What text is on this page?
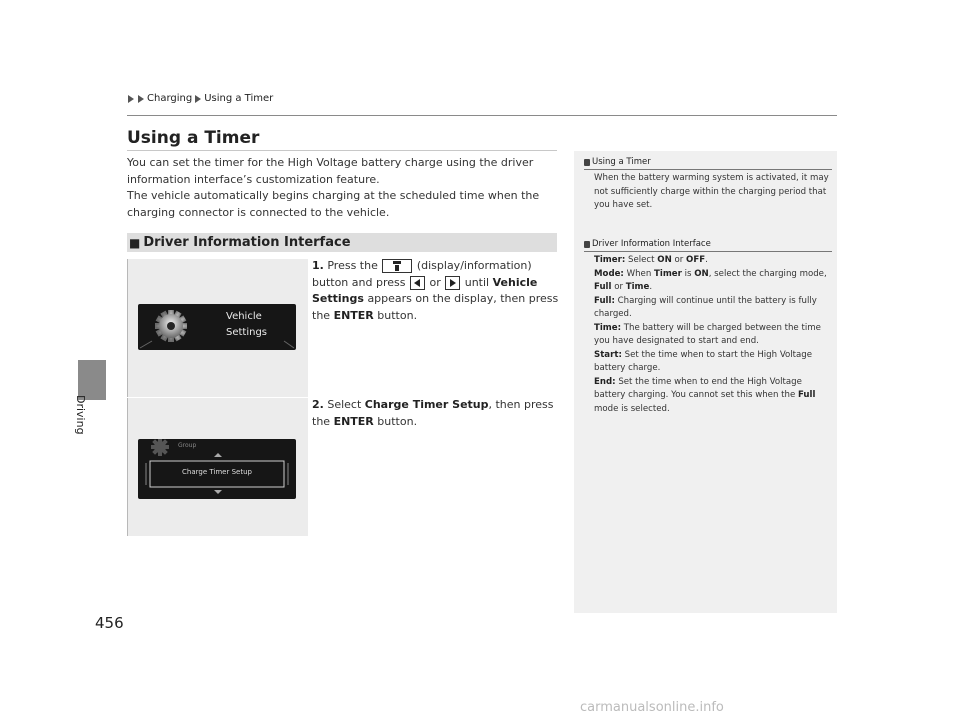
Charging Using a Timer
Driving
456
Using a Timer

You can set the timer for the High Voltage battery charge using the driver information interface’s customization feature.

The vehicle automatically begins charging at the scheduled time when the charging connector is connected to the vehicle.

■ Driver Information Interface
Vehicle
Settings
1. Press the	(display/information) button and press or until Vehicle Settings appears on the display, then press the ENTER button.
Group
Charge Timer Setup
2. Select Charge Timer Setup, then press the ENTER button.
Using a Timer

When the battery warming system is activated, it may not sufficiently charge within the charging period that you have set.

Driver Information Interface

Timer: Select ON or OFF.

Mode: When Timer is ON, select the charging mode, Full or Time.

Full: Charging will continue until the battery is fully charged.

Time: The battery will be charged between the time you have designated to start and end.

Start: Set the time when to start the High Voltage battery charge.

End: Set the time when to end the High Voltage battery charging. You cannot set this when the Full mode is selected.

carmanualsonline.info
